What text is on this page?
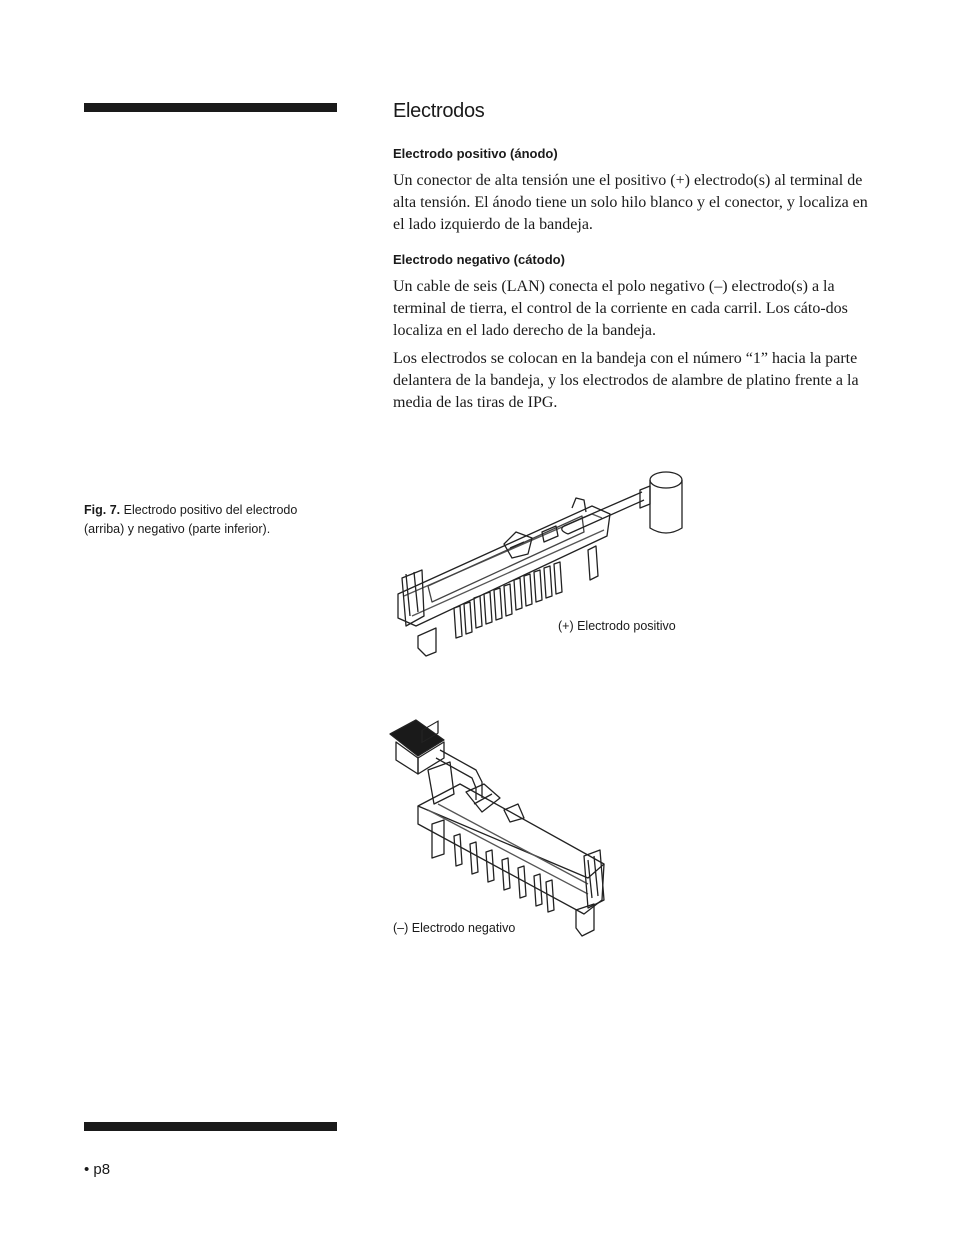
Electrodos
Electrodo positivo (ánodo)

Un conector de alta tensión une el positivo (+) electrodo(s) al terminal de alta tensión. El ánodo tiene un solo hilo blanco y el conector, y localiza en el lado izquierdo de la bandeja.

Electrodo negativo (cátodo)

Un cable de seis (LAN) conecta el polo negativo (–) electrodo(s) a la terminal de tierra, el control de la corriente en cada carril. Los cáto-dos localiza en el lado derecho de la bandeja.

Los electrodos se colocan en la bandeja con el número “1” hacia la parte delantera de la bandeja, y los electrodos de alambre de platino frente a la media de las tiras de IPG.

Fig. 7. Electrodo positivo del electrodo (arriba) y negativo (parte inferior).
(+) Electrodo positivo
(–) Electrodo negativo
• p8
